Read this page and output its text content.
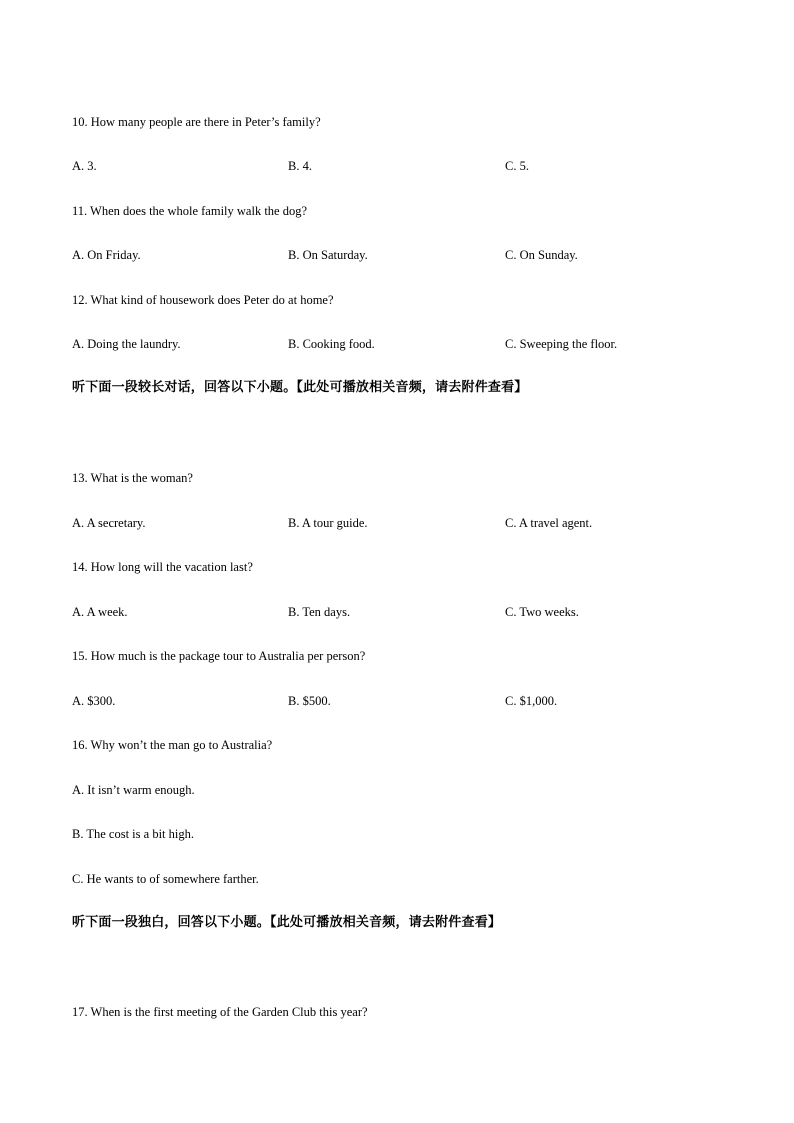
10. How many people are there in Peter’s family?
A. 3.	B. 4.	C. 5.
11. When does the whole family walk the dog?
A. On Friday.	B. On Saturday.	C. On Sunday.
12. What kind of housework does Peter do at home?
A. Doing the laundry.	B. Cooking food.	C. Sweeping the floor.
听下面一段较长对话，回答以下小题。【此处可播放相关音频，请去附件查看】
13. What is the woman?
A. A secretary.	B. A tour guide.	C. A travel agent.
14. How long will the vacation last?
A. A week.	B. Ten days.	C. Two weeks.
15. How much is the package tour to Australia per person?
A. $300.	B. $500.	C. $1,000.
16. Why won’t the man go to Australia?
A. It isn’t warm enough.
B. The cost is a bit high.
C. He wants to of somewhere farther.
听下面一段独白，回答以下小题。【此处可播放相关音频，请去附件查看】
17. When is the first meeting of the Garden Club this year?
